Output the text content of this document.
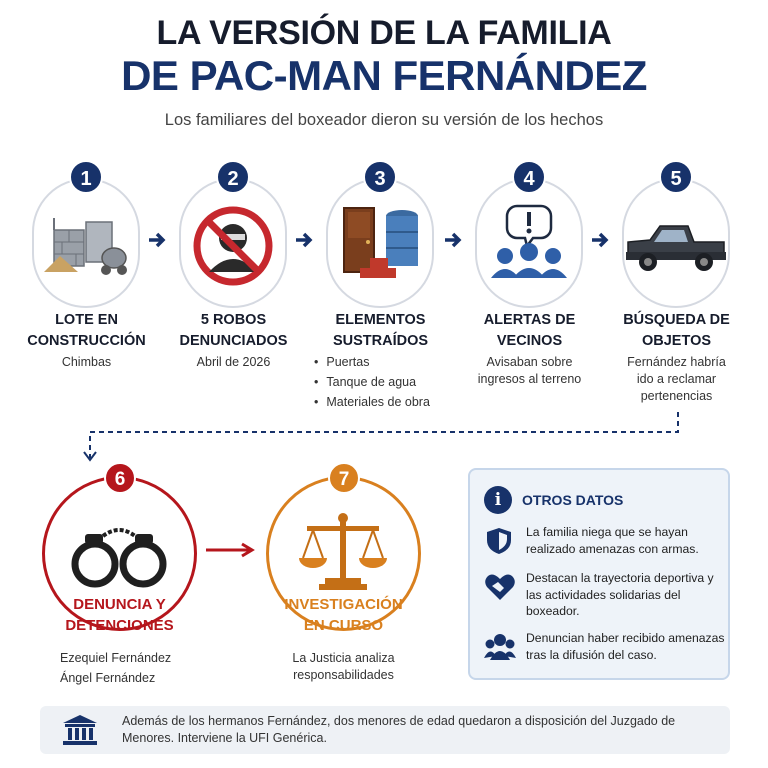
LA VERSIÓN DE LA FAMILIA
DE PAC-MAN FERNÁNDEZ
Los familiares del boxeador dieron su versión de los hechos
1
LOTE EN
CONSTRUCCIÓN
Chimbas
2
5 ROBOS
DENUNCIADOS
Abril de 2026
3
ELEMENTOS
SUSTRAÍDOS
• Puertas
• Tanque de agua
• Materiales de obra
4
ALERTAS DE
VECINOS
Avisaban sobre
ingresos al terreno
5
BÚSQUEDA DE
OBJETOS
Fernández habría
ido a reclamar
pertenencias
6
DENUNCIA Y
DETENCIONES
Ezequiel Fernández
Ángel Fernández
7
INVESTIGACIÓN
EN CURSO
La Justicia analiza
responsabilidades
i OTROS DATOS

La familia niega que se hayan realizado amenazas con armas.

Destacan la trayectoria deportiva y las actividades solidarias del boxeador.

Denuncian haber recibido amenazas tras la difusión del caso.

Además de los hermanos Fernández, dos menores de edad quedaron a disposición del Juzgado de Menores. Interviene la UFI Genérica.
